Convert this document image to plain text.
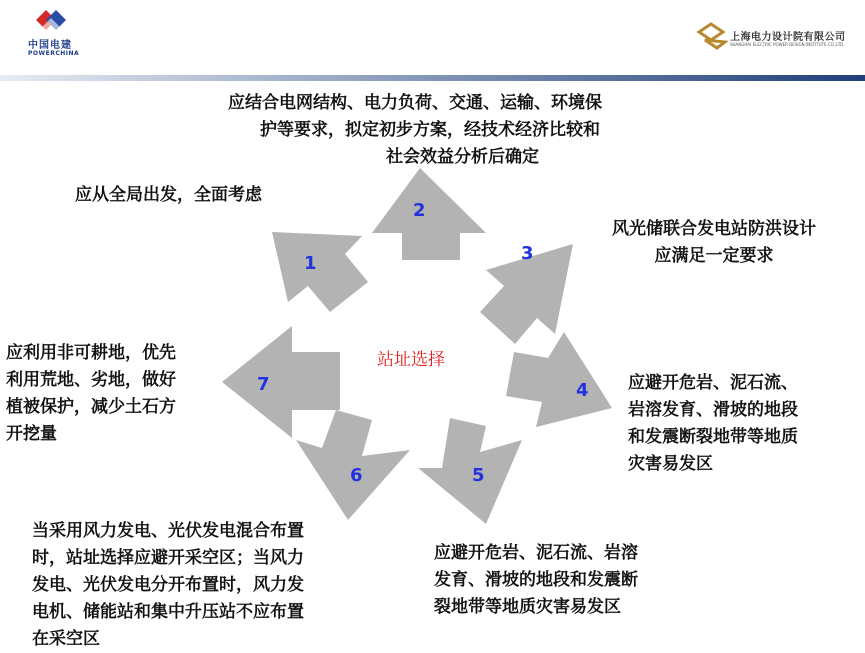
中国电建
POWERCHINA
上海电力设计院有限公司
SHANGHAI ELECTRIC POWER DESIGN INSTITUTE CO.,LTD.
1
2
3
4
5
6
7
站址选择
应结合电网结构、电力负荷、交通、运输、环境保
护等要求，拟定初步方案，经技术经济比较和
社会效益分析后确定
应从全局出发，全面考虑
风光储联合发电站防洪设计
应满足一定要求
应利用非可耕地，优先
利用荒地、劣地，做好
植被保护，减少土石方
开挖量
应避开危岩、泥石流、
岩溶发育、滑坡的地段
和发震断裂地带等地质
灾害易发区
应避开危岩、泥石流、岩溶
发育、滑坡的地段和发震断
裂地带等地质灾害易发区
当采用风力发电、光伏发电混合布置
时，站址选择应避开采空区；当风力
发电、光伏发电分开布置时，风力发
电机、储能站和集中升压站不应布置
在采空区
